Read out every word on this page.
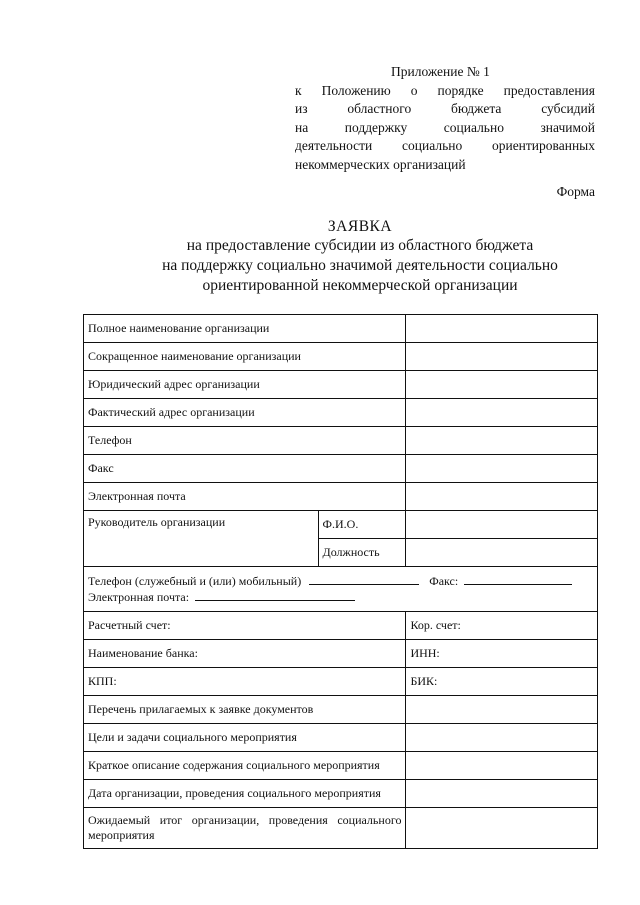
Приложение № 1
к Положению о порядке предоставления
из областного бюджета субсидий
на поддержку социально значимой
деятельности социально ориентированных
некоммерческих организаций
Форма
ЗАЯВКА
на предоставление субсидии из областного бюджета
на поддержку социально значимой деятельности социально
ориентированной некоммерческой организации
Полное наименование организации		
Сокращенное наименование организации		
Юридический адрес организации		
Фактический адрес организации		
Телефон		
Факс		
Электронная почта		
Руководитель организации	Ф.И.О.	
	Должность	

Телефон (служебный и (или) мобильный) Факс:
Электронная почта:		

Расчетный счет:		Кор. счет:
Наименование банка:		ИНН:
КПП:		БИК:
Перечень прилагаемых к заявке документов		
Цели и задачи социального мероприятия		
Краткое описание содержания социального мероприятия		
Дата организации, проведения социального мероприятия		
Ожидаемый итог организации, проведения социального мероприятия		
